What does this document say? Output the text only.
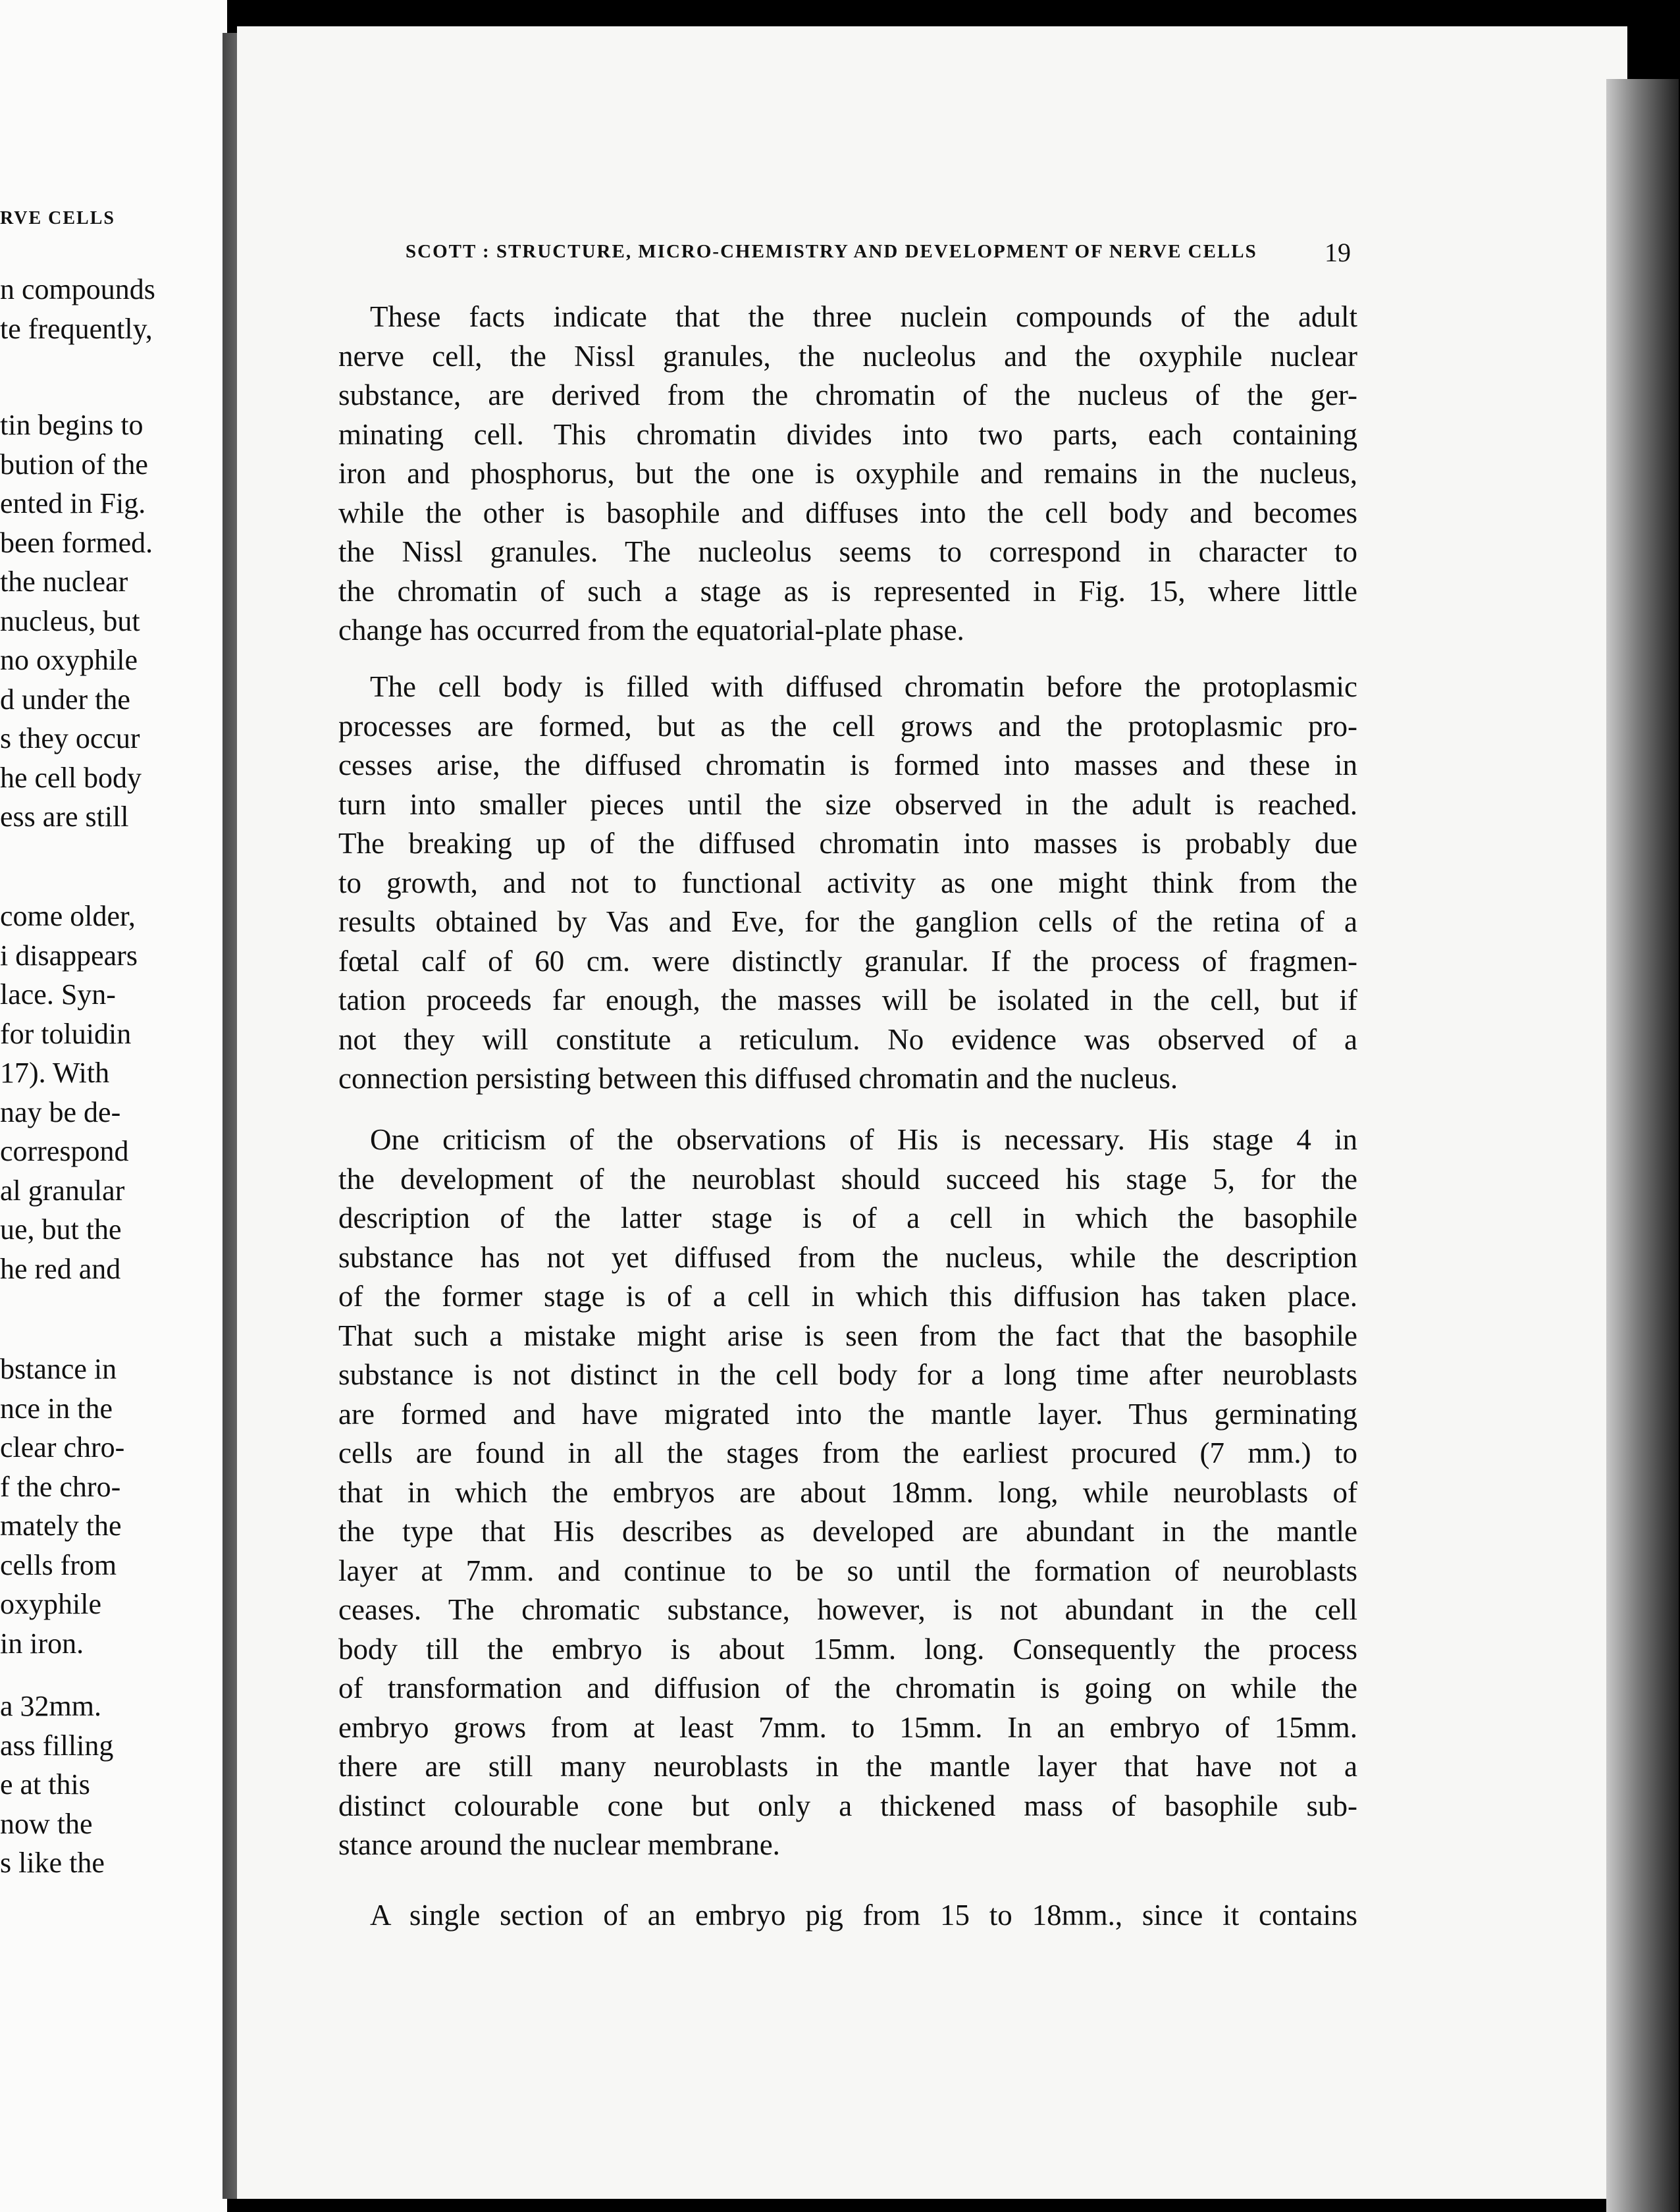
RVE CELLS
n compounds
te frequently,
tin begins to
bution of the
ented in Fig.
been formed.
the nuclear
nucleus, but
no oxyphile
d under the
s they occur
he cell body
ess are still
come older,
i disappears
lace. Syn-
for toluidin
17). With
nay be de-
correspond
al granular
ue, but the
he red and
bstance in
nce in the
clear chro-
f the chro-
mately the
cells from
oxyphile
in iron.
a 32mm.
ass filling
e at this
now the
s like the
SCOTT : STRUCTURE, MICRO-CHEMISTRY AND DEVELOPMENT OF NERVE CELLS	19
These facts indicate that the three nuclein compounds of the adult
nerve cell, the Nissl granules, the nucleolus and the oxyphile nuclear
substance, are derived from the chromatin of the nucleus of the ger-
minating cell. This chromatin divides into two parts, each containing
iron and phosphorus, but the one is oxyphile and remains in the nucleus,
while the other is basophile and diffuses into the cell body and becomes
the Nissl granules. The nucleolus seems to correspond in character to
the chromatin of such a stage as is represented in Fig. 15, where little
change has occurred from the equatorial-plate phase.
The cell body is filled with diffused chromatin before the protoplasmic
processes are formed, but as the cell grows and the protoplasmic pro-
cesses arise, the diffused chromatin is formed into masses and these in
turn into smaller pieces until the size observed in the adult is reached.
The breaking up of the diffused chromatin into masses is probably due
to growth, and not to functional activity as one might think from the
results obtained by Vas and Eve, for the ganglion cells of the retina of a
fœtal calf of 60 cm. were distinctly granular. If the process of fragmen-
tation proceeds far enough, the masses will be isolated in the cell, but if
not they will constitute a reticulum. No evidence was observed of a
connection persisting between this diffused chromatin and the nucleus.
One criticism of the observations of His is necessary. His stage 4 in
the development of the neuroblast should succeed his stage 5, for the
description of the latter stage is of a cell in which the basophile
substance has not yet diffused from the nucleus, while the description
of the former stage is of a cell in which this diffusion has taken place.
That such a mistake might arise is seen from the fact that the basophile
substance is not distinct in the cell body for a long time after neuroblasts
are formed and have migrated into the mantle layer. Thus germinating
cells are found in all the stages from the earliest procured (7 mm.) to
that in which the embryos are about 18mm. long, while neuroblasts of
the type that His describes as developed are abundant in the mantle
layer at 7mm. and continue to be so until the formation of neuroblasts
ceases. The chromatic substance, however, is not abundant in the cell
body till the embryo is about 15mm. long. Consequently the process
of transformation and diffusion of the chromatin is going on while the
embryo grows from at least 7mm. to 15mm. In an embryo of 15mm.
there are still many neuroblasts in the mantle layer that have not a
distinct colourable cone but only a thickened mass of basophile sub-
stance around the nuclear membrane.
A single section of an embryo pig from 15 to 18mm., since it contains
